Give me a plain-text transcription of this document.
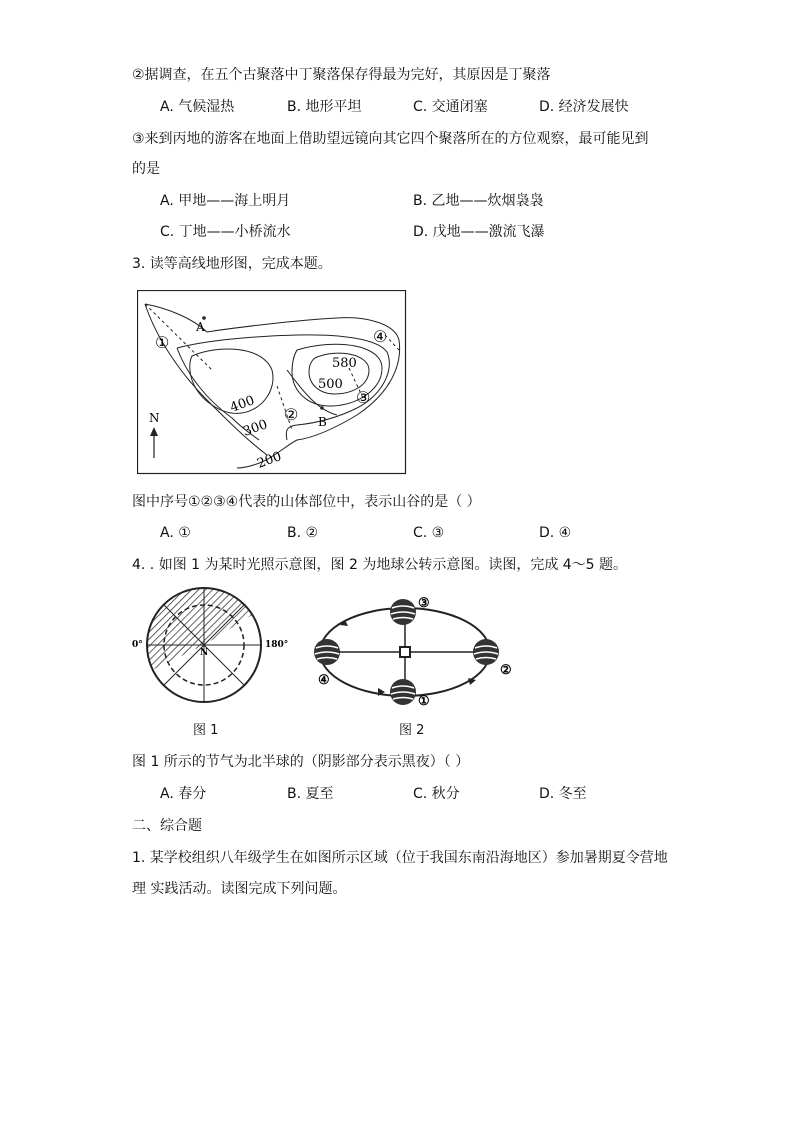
②据调查，在五个古聚落中丁聚落保存得最为完好，其原因是丁聚落
A. 气候湿热	B. 地形平坦	C. 交通闭塞	D. 经济发展快
③来到丙地的游客在地面上借助望远镜向其它四个聚落所在的方位观察，最可能见到
的是
A. 甲地——海上明月	B. 乙地——炊烟袅袅
C. 丁地——小桥流水	D. 戊地——激流飞瀑
3. 读等高线地形图，完成本题。
A
B
580
500
400
300
200
①
②
③
④
N
图中序号①②③④代表的山体部位中，表示山谷的是（ ）
A. ①	B. ②	C. ③	D. ④
4. . 如图 1 为某时光照示意图，图 2 为地球公转示意图。读图，完成 4～5 题。
0°	180°
N
图 1
③
②
①
④
图 2
图 1 所示的节气为北半球的（阴影部分表示黑夜）（ ）
A. 春分	B. 夏至	C. 秋分	D. 冬至
二、综合题
1. 某学校组织八年级学生在如图所示区域（位于我国东南沿海地区）参加暑期夏令营地
理 实践活动。读图完成下列问题。
